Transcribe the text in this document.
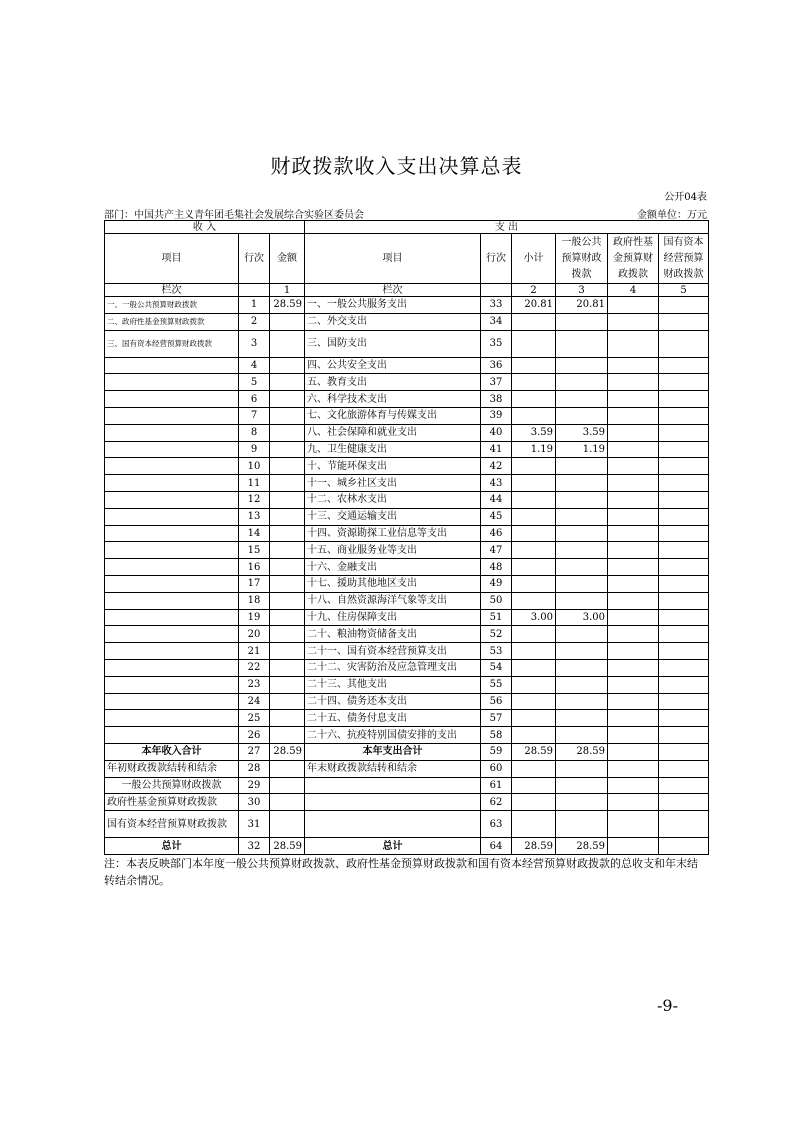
财政拨款收入支出决算总表
公开04表
部门：中国共产主义青年团毛集社会发展综合实验区委员会	金额单位：万元
收 入			支 出					
项目	行次	金额	项目	行次	小计	一般公共预算财政拨款	政府性基金预算财政拨款	国有资本经营预算财政拨款
栏次		1	栏次		2	3	4	5
一、一般公共预算财政拨款	1	28.59	一、一般公共服务支出	33	20.81	20.81		
二、政府性基金预算财政拨款	2		二、外交支出	34				
三、国有资本经营预算财政拨款	3		三、国防支出	35				
	4		四、公共安全支出	36				
	5		五、教育支出	37				
	6		六、科学技术支出	38				
	7		七、文化旅游体育与传媒支出	39				
	8		八、社会保障和就业支出	40	3.59	3.59		
	9		九、卫生健康支出	41	1.19	1.19		
	10		十、节能环保支出	42				
	11		十一、城乡社区支出	43				
	12		十二、农林水支出	44				
	13		十三、交通运输支出	45				
	14		十四、资源勘探工业信息等支出	46				
	15		十五、商业服务业等支出	47				
	16		十六、金融支出	48				
	17		十七、援助其他地区支出	49				
	18		十八、自然资源海洋气象等支出	50				
	19		十九、住房保障支出	51	3.00	3.00		
	20		二十、粮油物资储备支出	52				
	21		二十一、国有资本经营预算支出	53				
	22		二十二、灾害防治及应急管理支出	54				
	23		二十三、其他支出	55				
	24		二十四、债务还本支出	56				
	25		二十五、债务付息支出	57				
	26		二十六、抗疫特别国债安排的支出	58				
本年收入合计	27	28.59	本年支出合计	59	28.59	28.59		
年初财政拨款结转和结余	28		年末财政拨款结转和结余	60				
一般公共预算财政拨款	29			61				
政府性基金预算财政拨款	30			62				
国有资本经营预算财政拨款	31			63				
总计	32	28.59	总计	64	28.59	28.59		
注：本表反映部门本年度一般公共预算财政拨款、政府性基金预算财政拨款和国有资本经营预算财政拨款的总收支和年末结转结余情况。
-9-
